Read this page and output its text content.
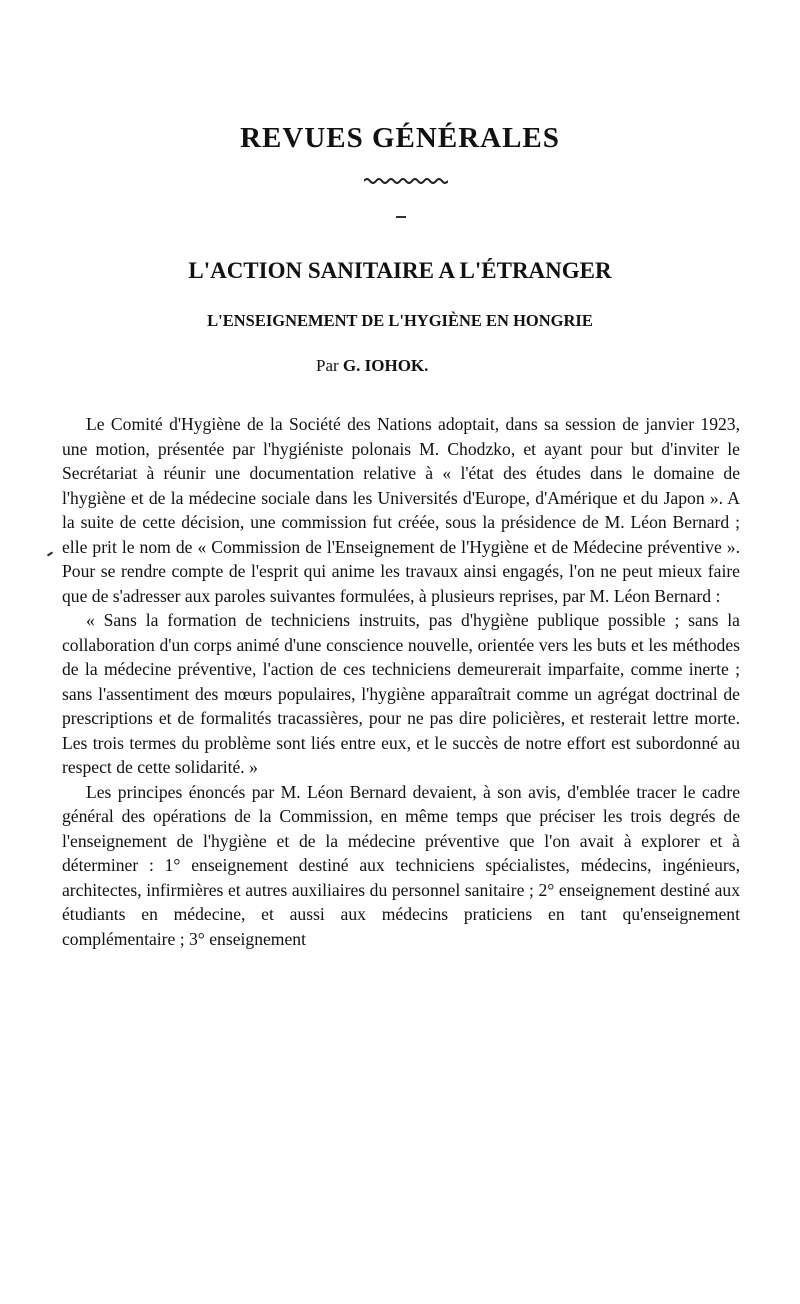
REVUES GÉNÉRALES
L'ACTION SANITAIRE A L'ÉTRANGER
L'ENSEIGNEMENT DE L'HYGIÈNE EN HONGRIE

Par G. IOHOK.

Le Comité d'Hygiène de la Société des Nations adoptait, dans sa session de janvier 1923, une motion, présentée par l'hygiéniste polonais M. Chodzko, et ayant pour but d'inviter le Secrétariat à réunir une documentation relative à « l'état des études dans le domaine de l'hygiène et de la médecine sociale dans les Universités d'Europe, d'Amérique et du Japon ». A la suite de cette décision, une commission fut créée, sous la présidence de M. Léon Bernard ; elle prit le nom de « Commission de l'Enseignement de l'Hygiène et de Médecine préventive ». Pour se rendre compte de l'esprit qui anime les travaux ainsi engagés, l'on ne peut mieux faire que de s'adresser aux paroles suivantes formulées, à plusieurs reprises, par M. Léon Bernard :

« Sans la formation de techniciens instruits, pas d'hygiène publique possible ; sans la collaboration d'un corps animé d'une conscience nouvelle, orientée vers les buts et les méthodes de la médecine préventive, l'action de ces techniciens demeurerait imparfaite, comme inerte ; sans l'assentiment des mœurs populaires, l'hygiène apparaîtrait comme un agrégat doctrinal de prescriptions et de formalités tracassières, pour ne pas dire policières, et resterait lettre morte. Les trois termes du problème sont liés entre eux, et le succès de notre effort est subordonné au respect de cette solidarité. »

Les principes énoncés par M. Léon Bernard devaient, à son avis, d'emblée tracer le cadre général des opérations de la Commission, en même temps que préciser les trois degrés de l'enseignement de l'hygiène et de la médecine préventive que l'on avait à explorer et à déterminer : 1° enseignement destiné aux techniciens spécialistes, médecins, ingénieurs, architectes, infirmières et autres auxiliaires du personnel sanitaire ; 2° enseignement destiné aux étudiants en médecine, et aussi aux médecins praticiens en tant qu'enseignement complémentaire ; 3° enseignement
